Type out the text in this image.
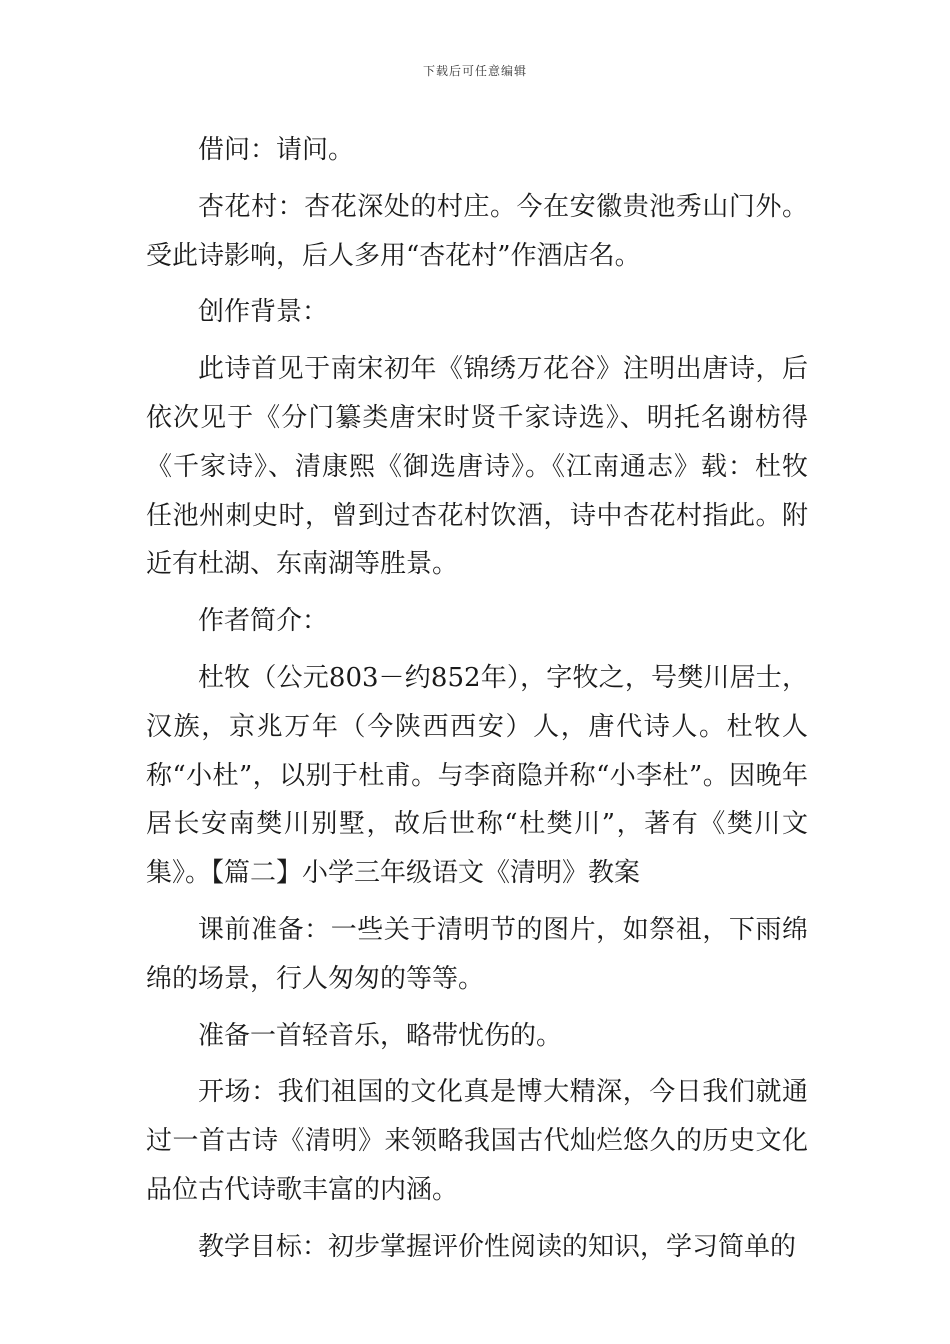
下载后可任意编辑

借问：请问。

杏花村：杏花深处的村庄。今在安徽贵池秀山门外。受此诗影响，后人多用“杏花村”作酒店名。

创作背景：

此诗首见于南宋初年《锦绣万花谷》注明出唐诗，后依次见于《分门纂类唐宋时贤千家诗选》、明托名谢枋得《千家诗》、清康熙《御选唐诗》。《江南通志》载：杜牧任池州刺史时，曾到过杏花村饮酒，诗中杏花村指此。附近有杜湖、东南湖等胜景。

作者简介：

杜牧（公元803－约852年），字牧之，号樊川居士，汉族，京兆万年（今陕西西安）人，唐代诗人。杜牧人称“小杜”，以别于杜甫。与李商隐并称“小李杜”。因晚年居长安南樊川别墅，故后世称“杜樊川”，著有《樊川文集》。【篇二】小学三年级语文《清明》教案

课前准备：一些关于清明节的图片，如祭祖，下雨绵绵的场景，行人匆匆的等等。

准备一首轻音乐，略带忧伤的。

开场：我们祖国的文化真是博大精深，今日我们就通过一首古诗《清明》来领略我国古代灿烂悠久的历史文化品位古代诗歌丰富的内涵。

教学目标：初步掌握评价性阅读的知识，学习简单的
